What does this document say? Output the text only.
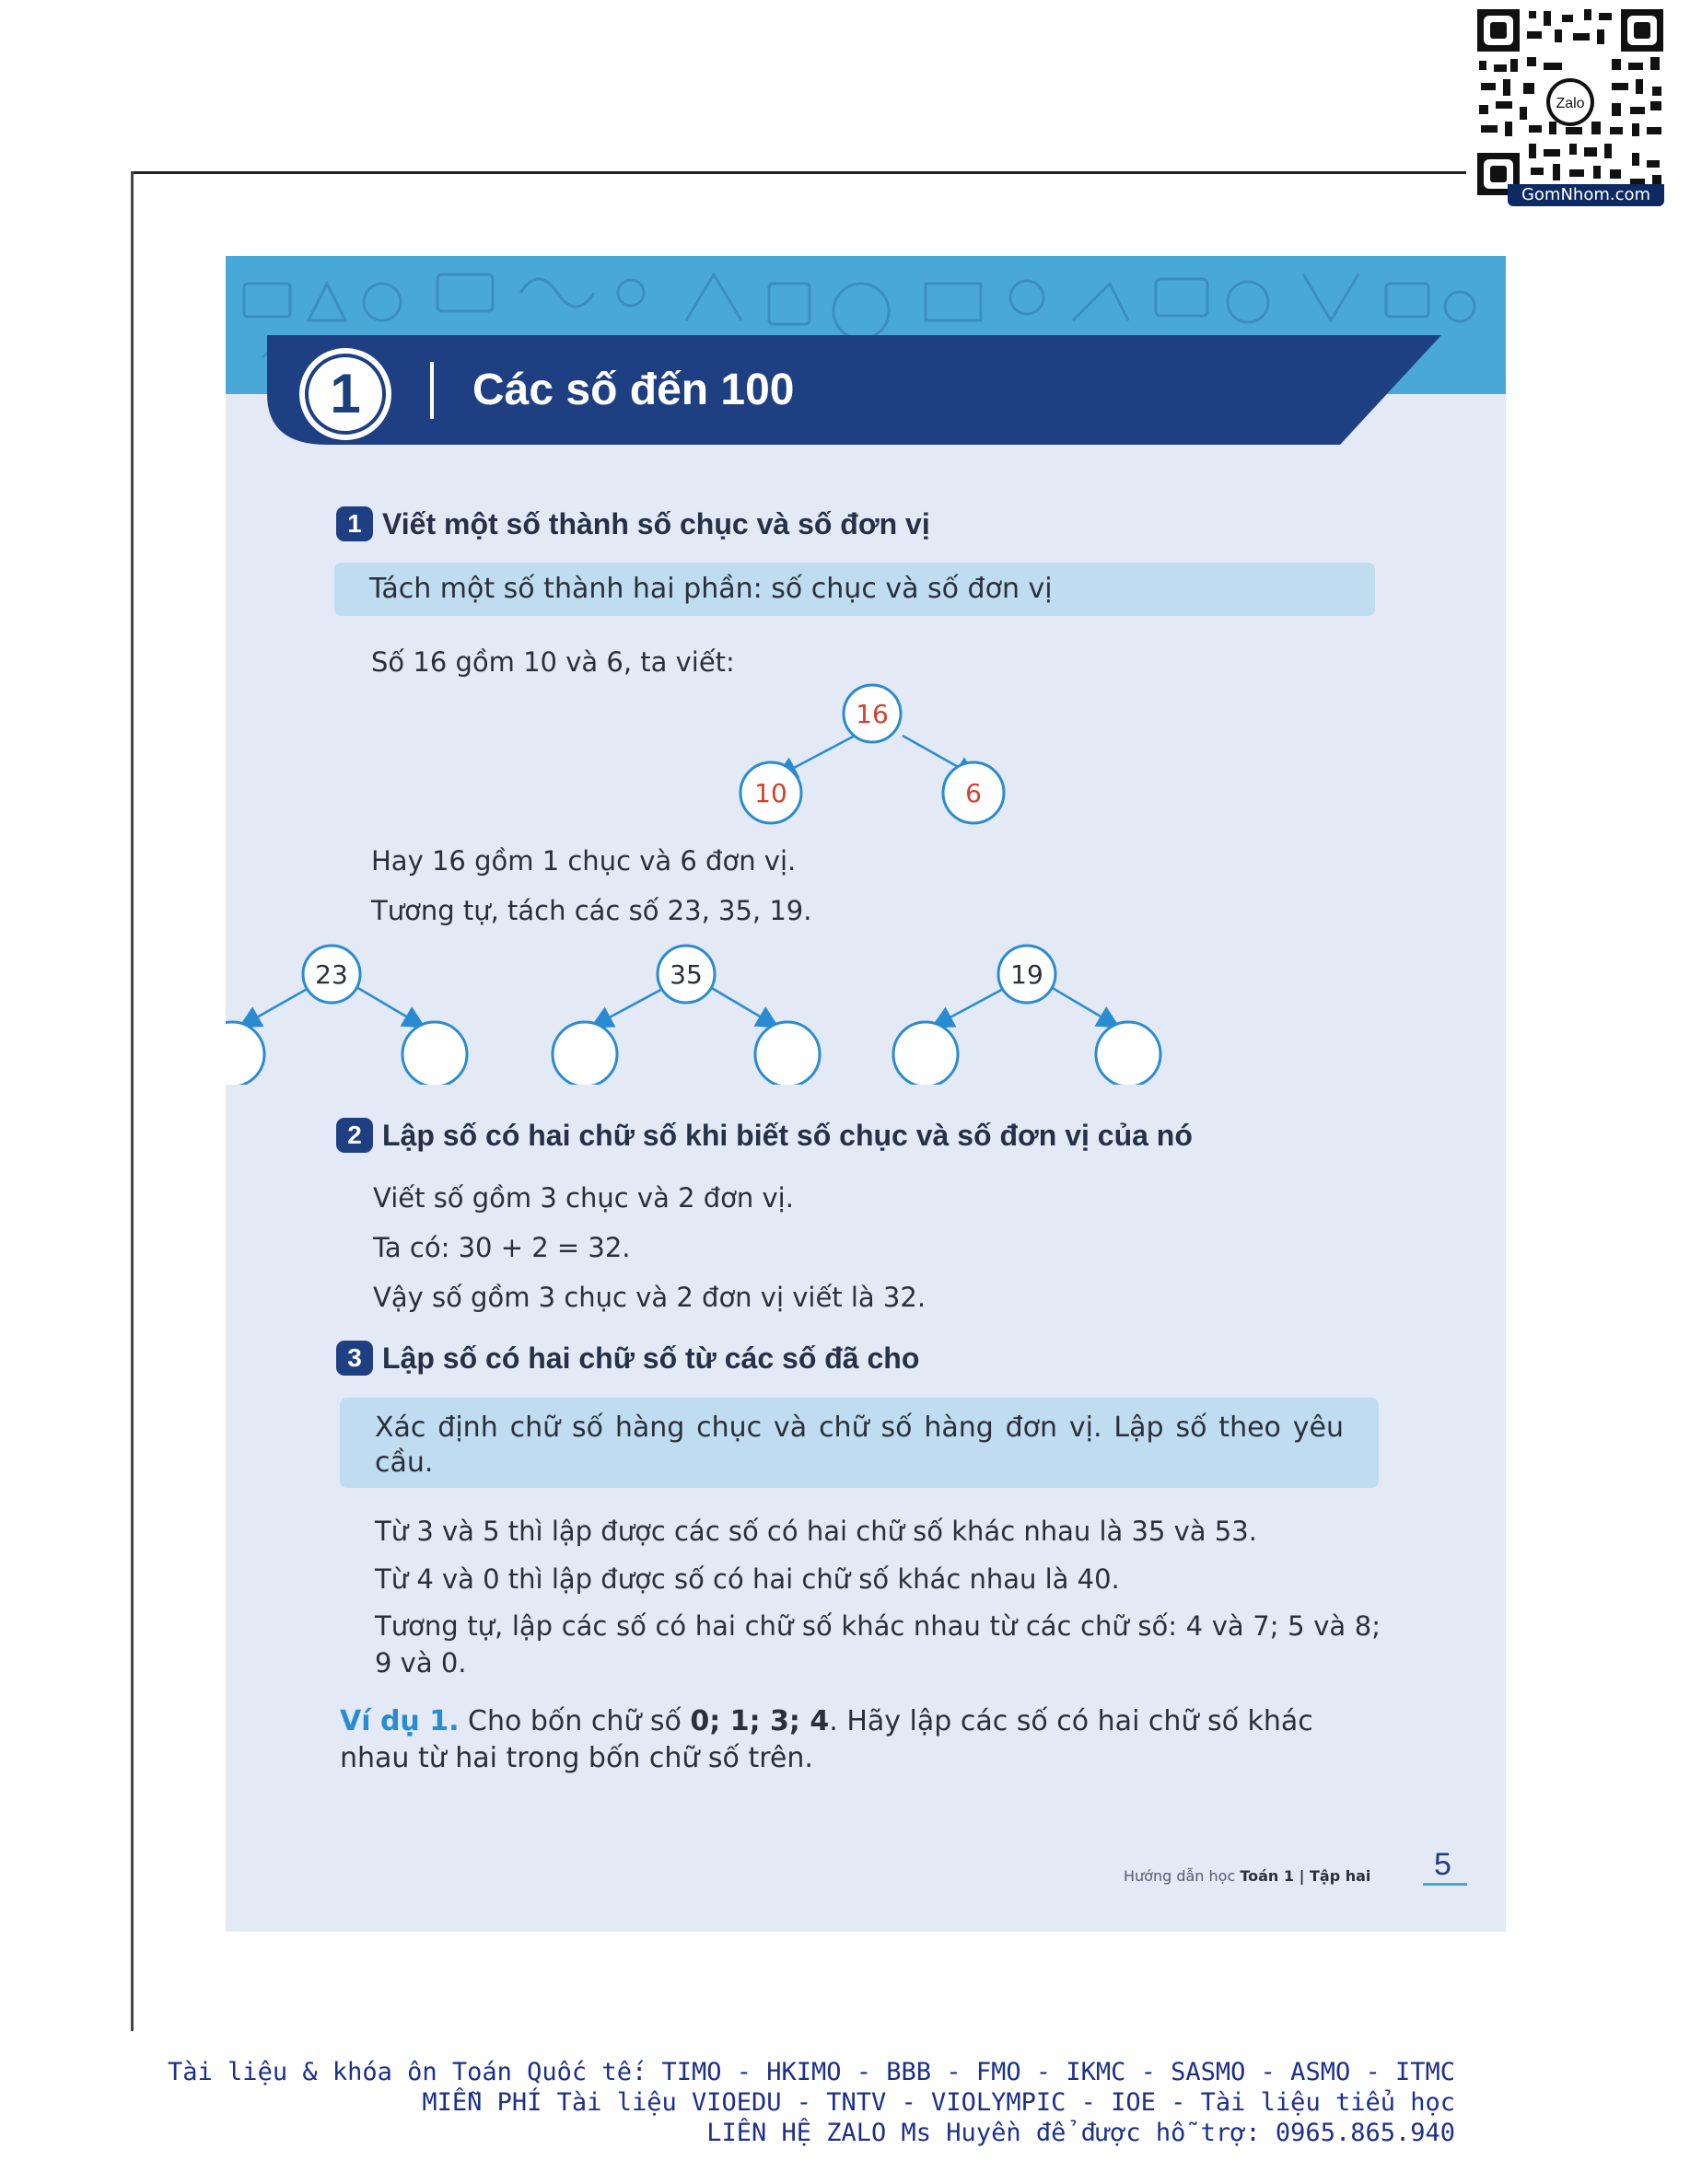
Zalo
GomNhom.com
1	Các số đến 100
1 Viết một số thành số chục và số đơn vị
Tách một số thành hai phần: số chục và số đơn vị
Số 16 gồm 10 và 6, ta viết:
16
10	6
23	35	19
Hay 16 gồm 1 chục và 6 đơn vị.
Tương tự, tách các số 23, 35, 19.
2 Lập số có hai chữ số khi biết số chục và số đơn vị của nó
Viết số gồm 3 chục và 2 đơn vị.
Ta có: 30 + 2 = 32.
Vậy số gồm 3 chục và 2 đơn vị viết là 32.
3 Lập số có hai chữ số từ các số đã cho
Xác định chữ số hàng chục và chữ số hàng đơn vị. Lập số theo yêu cầu.
Từ 3 và 5 thì lập được các số có hai chữ số khác nhau là 35 và 53.
Từ 4 và 0 thì lập được số có hai chữ số khác nhau là 40.
Tương tự, lập các số có hai chữ số khác nhau từ các chữ số: 4 và 7; 5 và 8; 9 và 0.
Ví dụ 1. Cho bốn chữ số 0; 1; 3; 4. Hãy lập các số có hai chữ số khác nhau từ hai trong bốn chữ số trên.
Hướng dẫn học Toán 1 | Tập hai 5
Tài liệu & khóa ôn Toán Quốc tế: TIMO - HKIMO - BBB - FMO - IKMC - SASMO - ASMO - ITMC
MIỄN PHÍ Tài liệu VIOEDU - TNTV - VIOLYMPIC - IOE - Tài liệu tiểu học
LIÊN HỆ ZALO Ms Huyền để được hỗ trợ: 0965.865.940
